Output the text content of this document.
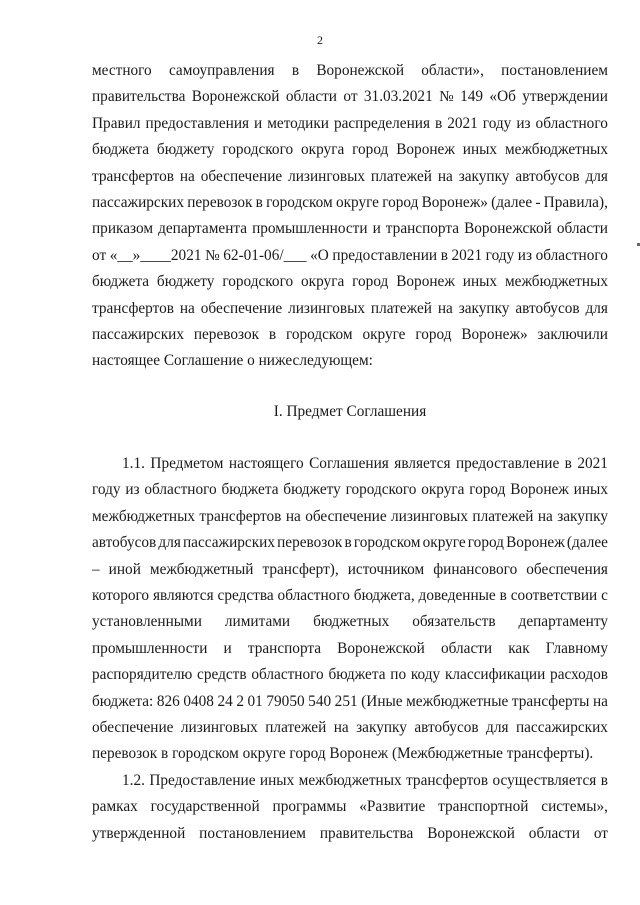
2
местного самоуправления в Воронежской области», постановлением
правительства Воронежской области от 31.03.2021 № 149 «Об утверждении
Правил предоставления и методики распределения в 2021 году из областного
бюджета бюджету городского округа город Воронеж иных межбюджетных
трансфертов на обеспечение лизинговых платежей на закупку автобусов для
пассажирских перевозок в городском округе город Воронеж» (далее - Правила),
приказом департамента промышленности и транспорта Воронежской области
от «__»____2021 № 62-01-06/___ «О предоставлении в 2021 году из областного
бюджета бюджету городского округа город Воронеж иных межбюджетных
трансфертов на обеспечение лизинговых платежей на закупку автобусов для
пассажирских перевозок в городском округе город Воронеж» заключили
настоящее Соглашение о нижеследующем:
I. Предмет Соглашения
1.1. Предметом настоящего Соглашения является предоставление в 2021
году из областного бюджета бюджету городского округа город Воронеж иных
межбюджетных трансфертов на обеспечение лизинговых платежей на закупку
автобусов для пассажирских перевозок в городском округе город Воронеж (далее
– иной межбюджетный трансферт), источником финансового обеспечения
которого являются средства областного бюджета, доведенные в соответствии с
установленными лимитами бюджетных обязательств департаменту
промышленности и транспорта Воронежской области как Главному
распорядителю средств областного бюджета по коду классификации расходов
бюджета: 826 0408 24 2 01 79050 540 251 (Иные межбюджетные трансферты на
обеспечение лизинговых платежей на закупку автобусов для пассажирских
перевозок в городском округе город Воронеж (Межбюджетные трансферты).
1.2. Предоставление иных межбюджетных трансфертов осуществляется в
рамках государственной программы «Развитие транспортной системы»,
утвержденной постановлением правительства Воронежской области от
